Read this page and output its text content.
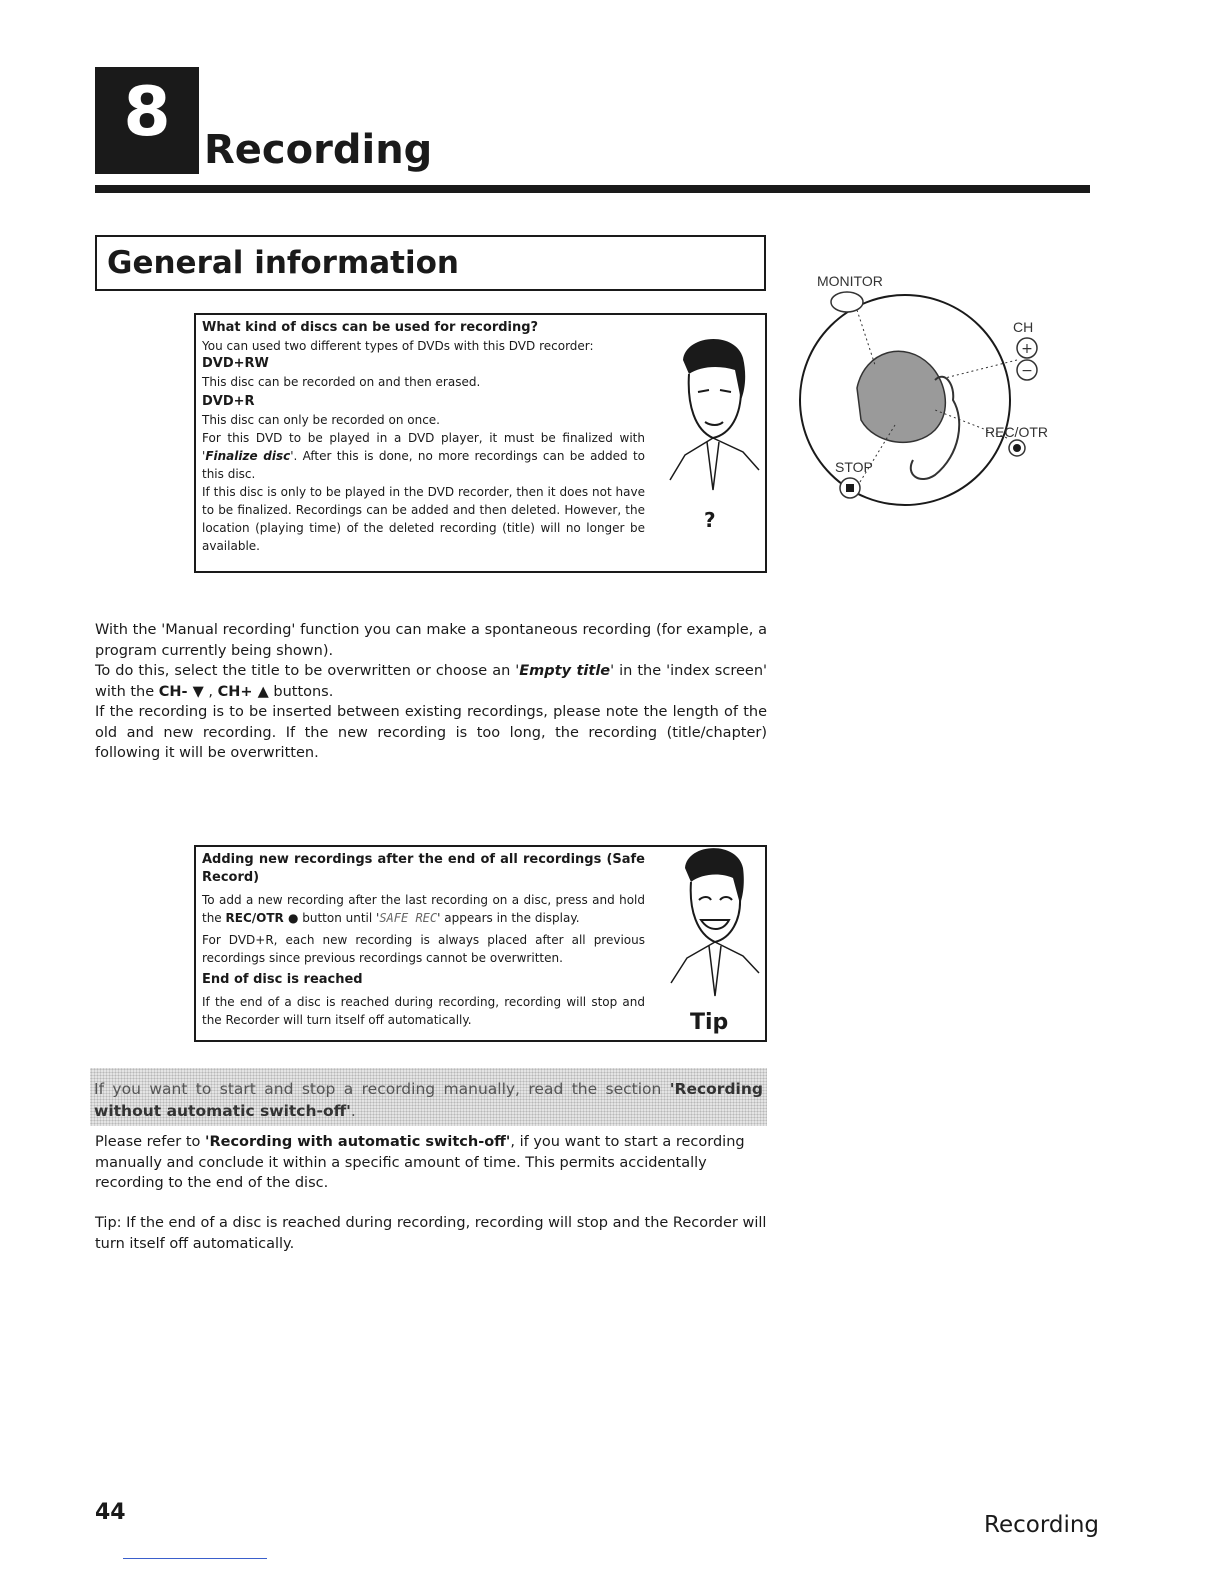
8 Recording
General information
+
−
MONITOR
CH
REC/OTR
STOP

What kind of discs can be used for recording?

You can used two different types of DVDs with this DVD recorder:

DVD+RW

This disc can be recorded on and then erased.

DVD+R

This disc can only be recorded on once.

For this DVD to be played in a DVD player, it must be finalized with 'Finalize disc'. After this is done, no more recordings can be added to this disc.

If this disc is only to be played in the DVD recorder, then it does not have to be finalized. Recordings can be added and then deleted. However, the location (playing time) of the deleted recording (title) will no longer be available.

?

With the 'Manual recording' function you can make a spontaneous recording (for example, a program currently being shown).

To do this, select the title to be overwritten or choose an 'Empty title' in the 'index screen' with the CH- ▼ , CH+ ▲ buttons.

If the recording is to be inserted between existing recordings, please note the length of the old and new recording. If the new recording is too long, the recording (title/chapter) following it will be overwritten.

Adding new recordings after the end of all recordings (Safe Record)

To add a new recording after the last recording on a disc, press and hold the REC/OTR ● button until 'SAFE REC' appears in the display.

For DVD+R, each new recording is always placed after all previous recordings since previous recordings cannot be overwritten.

End of disc is reached

If the end of a disc is reached during recording, recording will stop and the Recorder will turn itself off automatically.	Tip
If you want to start and stop a recording manually, read the section 'Recording without automatic switch-off'.
Please refer to 'Recording with automatic switch-off', if you want to start a recording manually and conclude it within a specific amount of time. This permits accidentally recording to the end of the disc.
Tip: If the end of a disc is reached during recording, recording will stop and the Recorder will turn itself off automatically.
44	Recording
